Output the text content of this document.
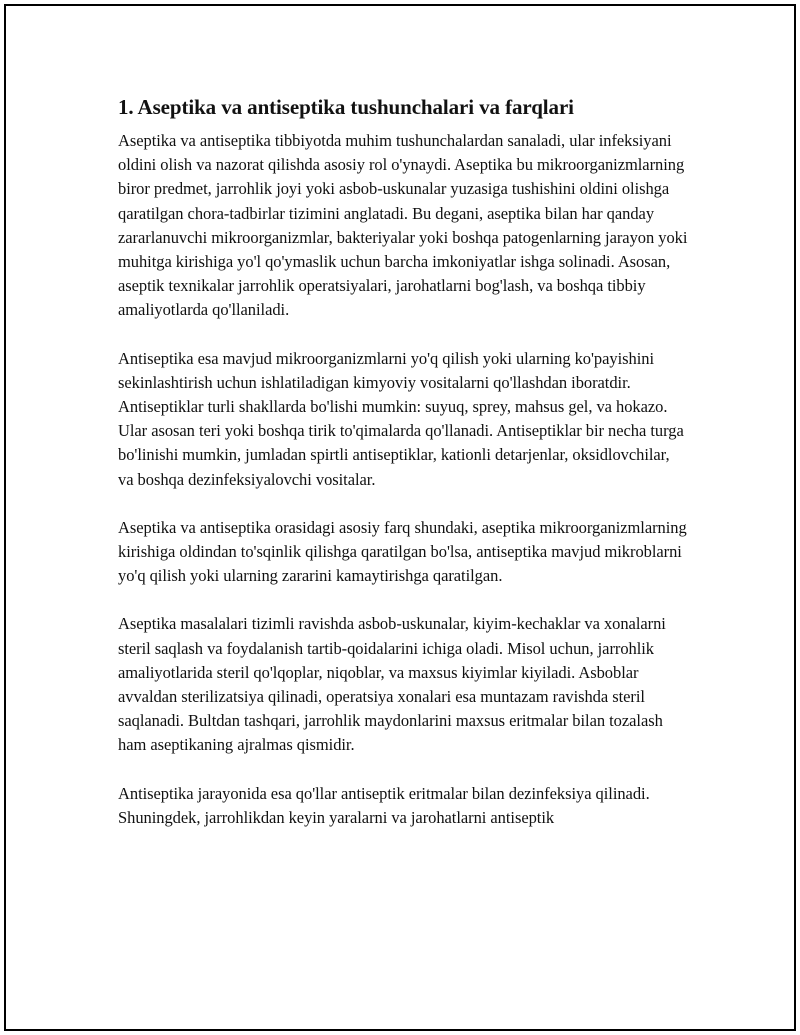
1. Aseptika va antiseptika tushunchalari va farqlari

Aseptika va antiseptika tibbiyotda muhim tushunchalardan sanaladi, ular infeksiyani oldini olish va nazorat qilishda asosiy rol o'ynaydi. Aseptika bu mikroorganizmlarning biror predmet, jarrohlik joyi yoki asbob-uskunalar yuzasiga tushishini oldini olishga qaratilgan chora-tadbirlar tizimini anglatadi. Bu degani, aseptika bilan har qanday zararlanuvchi mikroorganizmlar, bakteriyalar yoki boshqa patogenlarning jarayon yoki muhitga kirishiga yo'l qo'ymaslik uchun barcha imkoniyatlar ishga solinadi. Asosan, aseptik texnikalar jarrohlik operatsiyalari, jarohatlarni bog'lash, va boshqa tibbiy amaliyotlarda qo'llaniladi.

Antiseptika esa mavjud mikroorganizmlarni yo'q qilish yoki ularning ko'payishini sekinlashtirish uchun ishlatiladigan kimyoviy vositalarni qo'llashdan iboratdir. Antiseptiklar turli shakllarda bo'lishi mumkin: suyuq, sprey, mahsus gel, va hokazo. Ular asosan teri yoki boshqa tirik to'qimalarda qo'llanadi. Antiseptiklar bir necha turga bo'linishi mumkin, jumladan spirtli antiseptiklar, kationli detarjenlar, oksidlovchilar, va boshqa dezinfeksiyalovchi vositalar.

Aseptika va antiseptika orasidagi asosiy farq shundaki, aseptika mikroorganizmlarning kirishiga oldindan to'sqinlik qilishga qaratilgan bo'lsa, antiseptika mavjud mikroblarni yo'q qilish yoki ularning zararini kamaytirishga qaratilgan.

Aseptika masalalari tizimli ravishda asbob-uskunalar, kiyim-kechaklar va xonalarni steril saqlash va foydalanish tartib-qoidalarini ichiga oladi. Misol uchun, jarrohlik amaliyotlarida steril qo'lqoplar, niqoblar, va maxsus kiyimlar kiyiladi. Asboblar avvaldan sterilizatsiya qilinadi, operatsiya xonalari esa muntazam ravishda steril saqlanadi. Bultdan tashqari, jarrohlik maydonlarini maxsus eritmalar bilan tozalash ham aseptikaning ajralmas qismidir.

Antiseptika jarayonida esa qo'llar antiseptik eritmalar bilan dezinfeksiya qilinadi. Shuningdek, jarrohlikdan keyin yaralarni va jarohatlarni antiseptik
